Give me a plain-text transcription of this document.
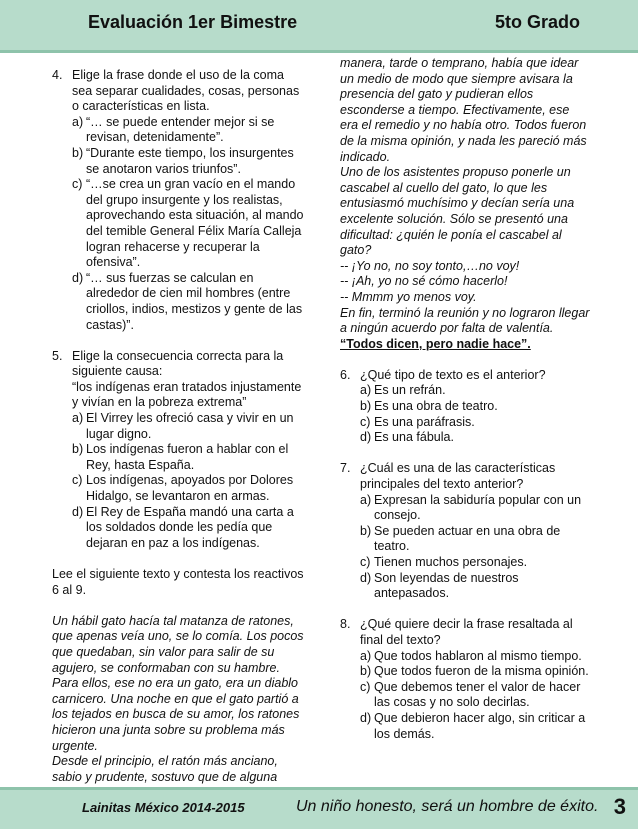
Evaluación 1er Bimestre	5to Grado
4. Elige la frase donde el uso de la coma sea separar cualidades, cosas, personas o características en lista.

a) “… se puede entender mejor si se revisan, detenidamente”.
b) “Durante este tiempo, los insurgentes se anotaron varios triunfos”.
c) “…se crea un gran vacío en el mando del grupo insurgente y los realistas, aprovechando esta situación, al mando del temible General Félix María Calleja logran rehacerse y recuperar la ofensiva”.
d) “… sus fuerzas se calculan en alrededor de cien mil hombres (entre criollos, indios, mestizos y gente de las castas)”.
5. Elige la consecuencia correcta para la siguiente causa:

“los indígenas eran tratados injustamente y vivían en la pobreza extrema”

a) El Virrey les ofreció casa y vivir en un lugar digno.
b) Los indígenas fueron a hablar con el Rey, hasta España.
c) Los indígenas, apoyados por Dolores Hidalgo, se levantaron en armas.
d) El Rey de España mandó una carta a los soldados donde les pedía que dejaran en paz a los indígenas.

Lee el siguiente texto y contesta los reactivos 6 al 9.

Un hábil gato hacía tal matanza de ratones, que apenas veía uno, se lo comía. Los pocos que quedaban, sin valor para salir de su agujero, se conformaban con su hambre.

Para ellos, ese no era un gato, era un diablo carnicero. Una noche en que el gato partió a los tejados en busca de su amor, los ratones hicieron una junta sobre su problema más urgente.

Desde el principio, el ratón más anciano, sabio y prudente, sostuvo que de alguna

manera, tarde o temprano, había que idear un medio de modo que siempre avisara la presencia del gato y pudieran ellos esconderse a tiempo. Efectivamente, ese era el remedio y no había otro. Todos fueron de la misma opinión, y nada les pareció más indicado.

Uno de los asistentes propuso ponerle un cascabel al cuello del gato, lo que les entusiasmó muchísimo y decían sería una excelente solución. Sólo se presentó una dificultad: ¿quién le ponía el cascabel al gato?

-- ¡Yo no, no soy tonto,…no voy!

-- ¡Ah, yo no sé cómo hacerlo!

-- Mmmm yo menos voy.

En fin, terminó la reunión y no lograron llegar a ningún acuerdo por falta de valentía.

“Todos dicen, pero nadie hace”.

6. ¿Qué tipo de texto es el anterior?

a) Es un refrán.
b) Es una obra de teatro.
c) Es una paráfrasis.
d) Es una fábula.
7. ¿Cuál es una de las características principales del texto anterior?

a) Expresan la sabiduría popular con un consejo.
b) Se pueden actuar en una obra de teatro.
c) Tienen muchos personajes.
d) Son leyendas de nuestros antepasados.
8. ¿Qué quiere decir la frase resaltada al final del texto?

a) Que todos hablaron al mismo tiempo.
b) Que todos fueron de la misma opinión.
c) Que debemos tener el valor de hacer las cosas y no solo decirlas.
d) Que debieron hacer algo, sin criticar a los demás.
Lainitas México 2014-2015	Un niño honesto, será un hombre de éxito. 3
